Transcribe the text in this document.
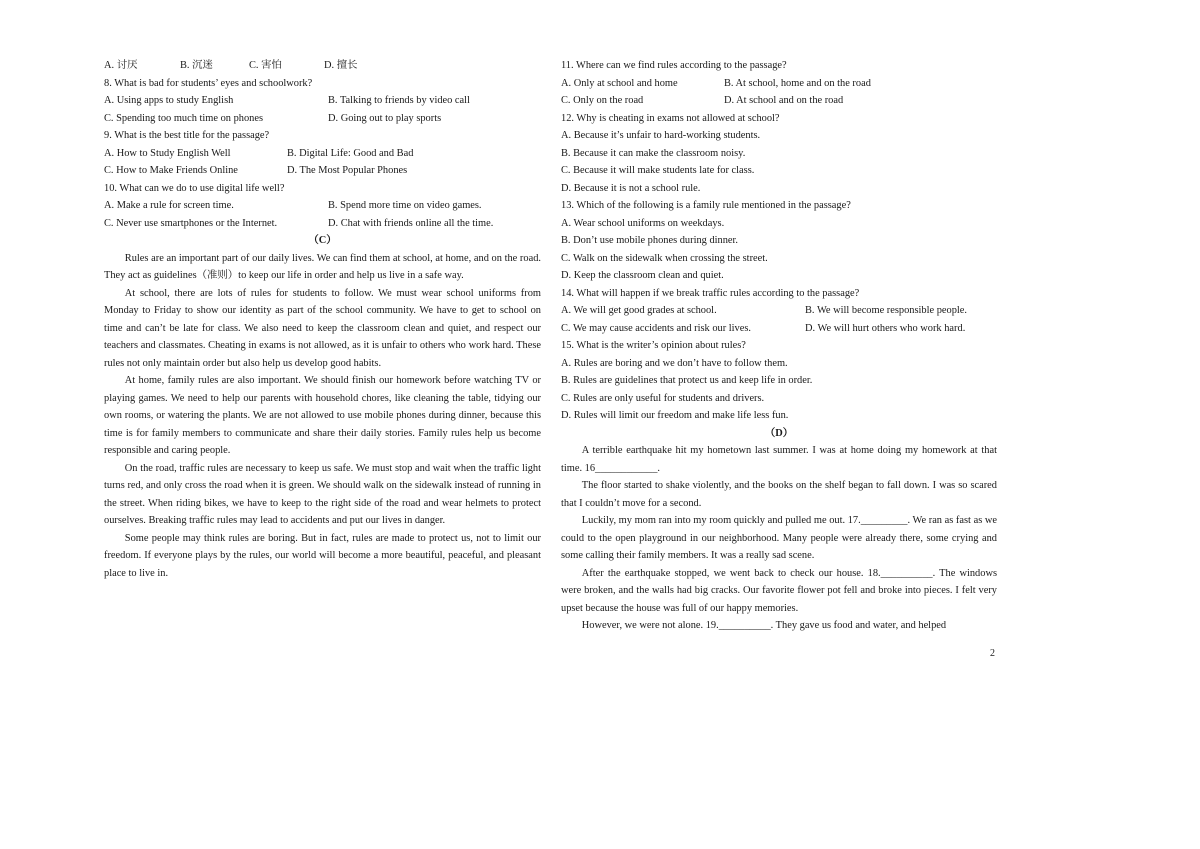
A. 讨厌	B. 沉迷	C. 害怕	D. 擅长
8. What is bad for students’ eyes and schoolwork?
A. Using apps to study English	B. Talking to friends by video call
C. Spending too much time on phones	D. Going out to play sports
9. What is the best title for the passage?
A. How to Study English Well	B. Digital Life: Good and Bad
C. How to Make Friends Online	D. The Most Popular Phones
10. What can we do to use digital life well?
A. Make a rule for screen time.	B. Spend more time on video games.
C. Never use smartphones or the Internet.	D. Chat with friends online all the time.
（C）

Rules are an important part of our daily lives. We can find them at school, at home, and on the road. They act as guidelines（准则）to keep our life in order and help us live in a safe way.

At school, there are lots of rules for students to follow. We must wear school uniforms from Monday to Friday to show our identity as part of the school community. We have to get to school on time and can’t be late for class. We also need to keep the classroom clean and quiet, and respect our teachers and classmates. Cheating in exams is not allowed, as it is unfair to others who work hard. These rules not only maintain order but also help us develop good habits.

At home, family rules are also important. We should finish our homework before watching TV or playing games. We need to help our parents with household chores, like cleaning the table, tidying our own rooms, or watering the plants. We are not allowed to use mobile phones during dinner, because this time is for family members to communicate and share their daily stories. Family rules help us become responsible and caring people.

On the road, traffic rules are necessary to keep us safe. We must stop and wait when the traffic light turns red, and only cross the road when it is green. We should walk on the sidewalk instead of running in the street. When riding bikes, we have to keep to the right side of the road and wear helmets to protect ourselves. Breaking traffic rules may lead to accidents and put our lives in danger.

Some people may think rules are boring. But in fact, rules are made to protect us, not to limit our freedom. If everyone plays by the rules, our world will become a more beautiful, peaceful, and pleasant place to live in.

11. Where can we find rules according to the passage?
A. Only at school and home	B. At school, home and on the road
C. Only on the road	D. At school and on the road
12. Why is cheating in exams not allowed at school?
A. Because it’s unfair to hard-working students.
B. Because it can make the classroom noisy.
C. Because it will make students late for class.
D. Because it is not a school rule.
13. Which of the following is a family rule mentioned in the passage?
A. Wear school uniforms on weekdays.
B. Don’t use mobile phones during dinner.
C. Walk on the sidewalk when crossing the street.
D. Keep the classroom clean and quiet.
14. What will happen if we break traffic rules according to the passage?
A. We will get good grades at school.	B. We will become responsible people.
C. We may cause accidents and risk our lives.	D. We will hurt others who work hard.
15. What is the writer’s opinion about rules?
A. Rules are boring and we don’t have to follow them.
B. Rules are guidelines that protect us and keep life in order.
C. Rules are only useful for students and drivers.
D. Rules will limit our freedom and make life less fun.
（D）

A terrible earthquake hit my hometown last summer. I was at home doing my homework at that time. 16____________.

The floor started to shake violently, and the books on the shelf began to fall down. I was so scared that I couldn’t move for a second.

Luckily, my mom ran into my room quickly and pulled me out. 17._________. We ran as fast as we could to the open playground in our neighborhood. Many people were already there, some crying and some calling their family members. It was a really sad scene.

After the earthquake stopped, we went back to check our house. 18.__________. The windows were broken, and the walls had big cracks. Our favorite flower pot fell and broke into pieces. I felt very upset because the house was full of our happy memories.

However, we were not alone. 19.__________. They gave us food and water, and helped

2
